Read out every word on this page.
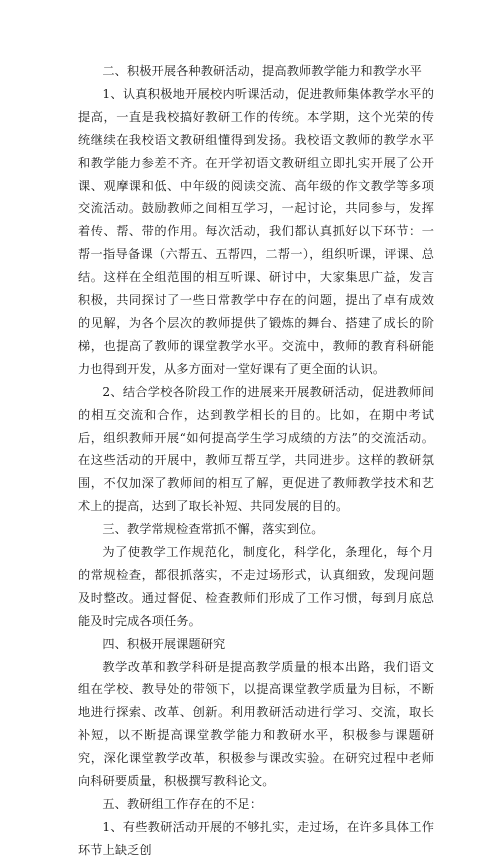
二、积极开展各种教研活动，提高教师教学能力和教学水平

1、认真积极地开展校内听课活动，促进教师集体教学水平的提高，一直是我校搞好教研工作的传统。本学期，这个光荣的传统继续在我校语文教研组懂得到发扬。我校语文教师的教学水平和教学能力参差不齐。在开学初语文教研组立即扎实开展了公开课、观摩课和低、中年级的阅读交流、高年级的作文教学等多项交流活动。鼓励教师之间相互学习，一起讨论，共同参与，发挥着传、帮、带的作用。每次活动，我们都认真抓好以下环节：一帮一指导备课（六帮五、五帮四，二帮一），组织听课，评课、总结。这样在全组范围的相互听课、研讨中，大家集思广益，发言积极，共同探讨了一些日常教学中存在的问题，提出了卓有成效的见解，为各个层次的教师提供了锻炼的舞台、搭建了成长的阶梯，也提高了教师的课堂教学水平。交流中，教师的教育科研能力也得到开发，从多方面对一堂好课有了更全面的认识。

2、结合学校各阶段工作的进展来开展教研活动，促进教师间的相互交流和合作，达到教学相长的目的。比如，在期中考试后，组织教师开展“如何提高学生学习成绩的方法”的交流活动。在这些活动的开展中，教师互帮互学，共同进步。这样的教研氛围，不仅加深了教师间的相互了解，更促进了教师教学技术和艺术上的提高，达到了取长补短、共同发展的目的。

三、教学常规检查常抓不懈，落实到位。

为了使教学工作规范化，制度化，科学化，条理化，每个月的常规检查，都很抓落实，不走过场形式，认真细致，发现问题及时整改。通过督促、检查教师们形成了工作习惯，每到月底总能及时完成各项任务。

四、积极开展课题研究

教学改革和教学科研是提高教学质量的根本出路，我们语文组在学校、教导处的带领下，以提高课堂教学质量为目标，不断地进行探索、改革、创新。利用教研活动进行学习、交流，取长补短，以不断提高课堂教学能力和教研水平，积极参与课题研究，深化课堂教学改革，积极参与课改实验。在研究过程中老师向科研要质量，积极撰写教科论文。

五、教研组工作存在的不足：

1、有些教研活动开展的不够扎实，走过场，在许多具体工作环节上缺乏创
